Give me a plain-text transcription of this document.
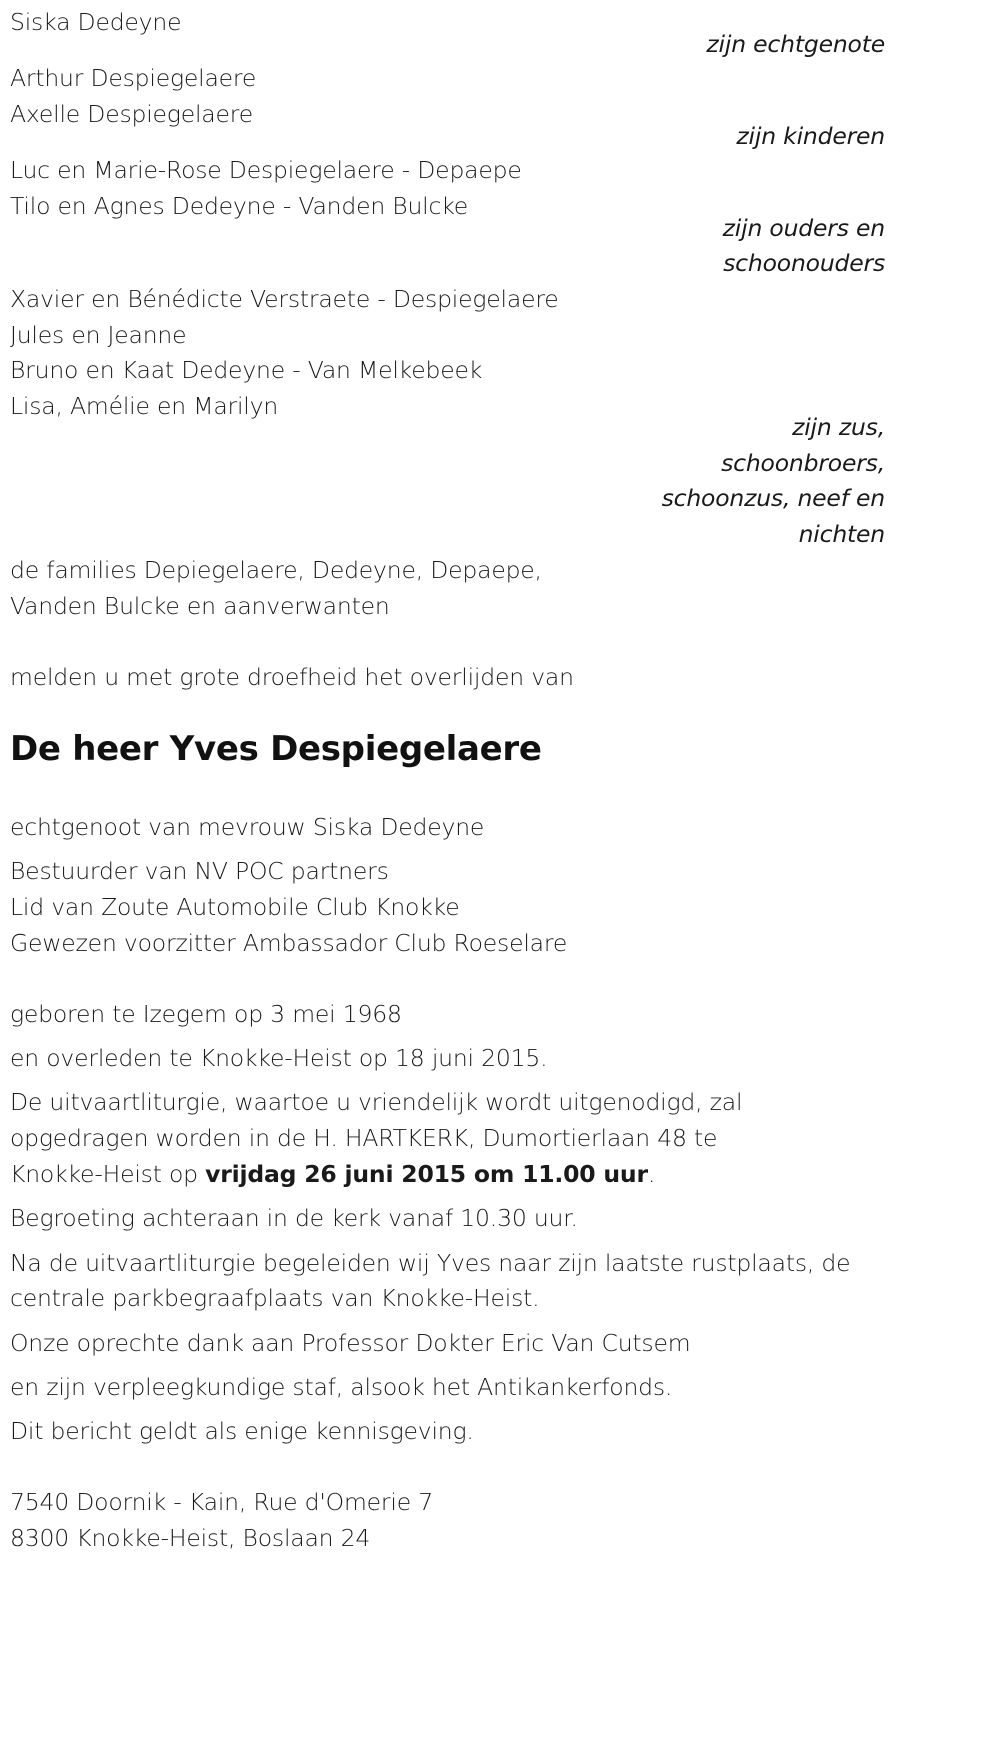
Siska Dedeyne
zijn echtgenote
Arthur Despiegelaere
Axelle Despiegelaere
zijn kinderen
Luc en Marie-Rose Despiegelaere - Depaepe
Tilo en Agnes Dedeyne - Vanden Bulcke
zijn ouders en
schoonouders
Xavier en Bénédicte Verstraete - Despiegelaere
Jules en Jeanne
Bruno en Kaat Dedeyne - Van Melkebeek
Lisa, Amélie en Marilyn
zijn zus,
schoonbroers,
schoonzus, neef en
nichten
de families Depiegelaere, Dedeyne, Depaepe,
Vanden Bulcke en aanverwanten
melden u met grote droefheid het overlijden van
De heer Yves Despiegelaere
echtgenoot van mevrouw Siska Dedeyne
Bestuurder van NV POC partners
Lid van Zoute Automobile Club Knokke
Gewezen voorzitter Ambassador Club Roeselare
geboren te Izegem op 3 mei 1968
en overleden te Knokke-Heist op 18 juni 2015.
De uitvaartliturgie, waartoe u vriendelijk wordt uitgenodigd, zal
opgedragen worden in de H. HARTKERK, Dumortierlaan 48 te
Knokke-Heist op vrijdag 26 juni 2015 om 11.00 uur.
Begroeting achteraan in de kerk vanaf 10.30 uur.
Na de uitvaartliturgie begeleiden wij Yves naar zijn laatste rustplaats, de
centrale parkbegraafplaats van Knokke-Heist.
Onze oprechte dank aan Professor Dokter Eric Van Cutsem
en zijn verpleegkundige staf, alsook het Antikankerfonds.
Dit bericht geldt als enige kennisgeving.
7540 Doornik - Kain, Rue d'Omerie 7
8300 Knokke-Heist, Boslaan 24
